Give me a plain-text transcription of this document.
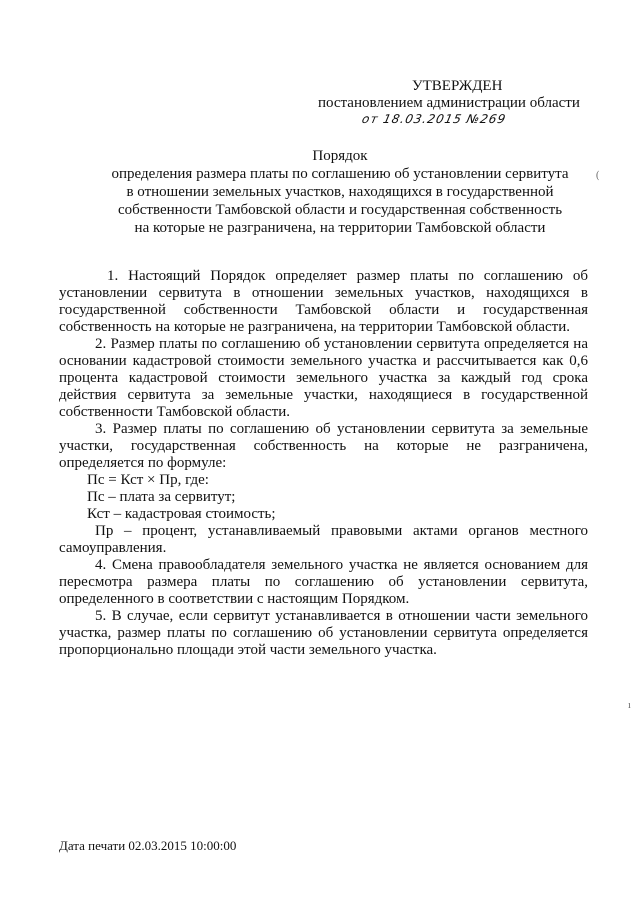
УТВЕРЖДЕН
постановлением администрации области
от 18.03.2015 №269
Порядок
определения размера платы по соглашению об установлении сервитута
в отношении земельных участков, находящихся в государственной
собственности Тамбовской области и государственная собственность
на которые не разграничена, на территории Тамбовской области

1. Настоящий Порядок определяет размер платы по соглашению об установлении сервитута в отношении земельных участков, находящихся в государственной собственности Тамбовской области и государственная собственность на которые не разграничена, на территории Тамбовской области.

2. Размер платы по соглашению об установлении сервитута определяется на основании кадастровой стоимости земельного участка и рассчитывается как 0,6 процента кадастровой стоимости земельного участка за каждый год срока действия сервитута за земельные участки, находящиеся в государственной собственности Тамбовской области.

3. Размер платы по соглашению об установлении сервитута за земельные участки, государственная собственность на которые не разграничена, определяется по формуле:

Пс = Кст × Пр, где:

Пс – плата за сервитут;

Кст – кадастровая стоимость;

Пр – процент, устанавливаемый правовыми актами органов местного самоуправления.

4. Смена правообладателя земельного участка не является основанием для пересмотра размера платы по соглашению об установлении сервитута, определенного в соответствии с настоящим Порядком.

5. В случае, если сервитут устанавливается в отношении части земельного участка, размер платы по соглашению об установлении сервитута определяется пропорционально площади этой части земельного участка.

Дата печати 02.03.2015 10:00:00
(
ı
